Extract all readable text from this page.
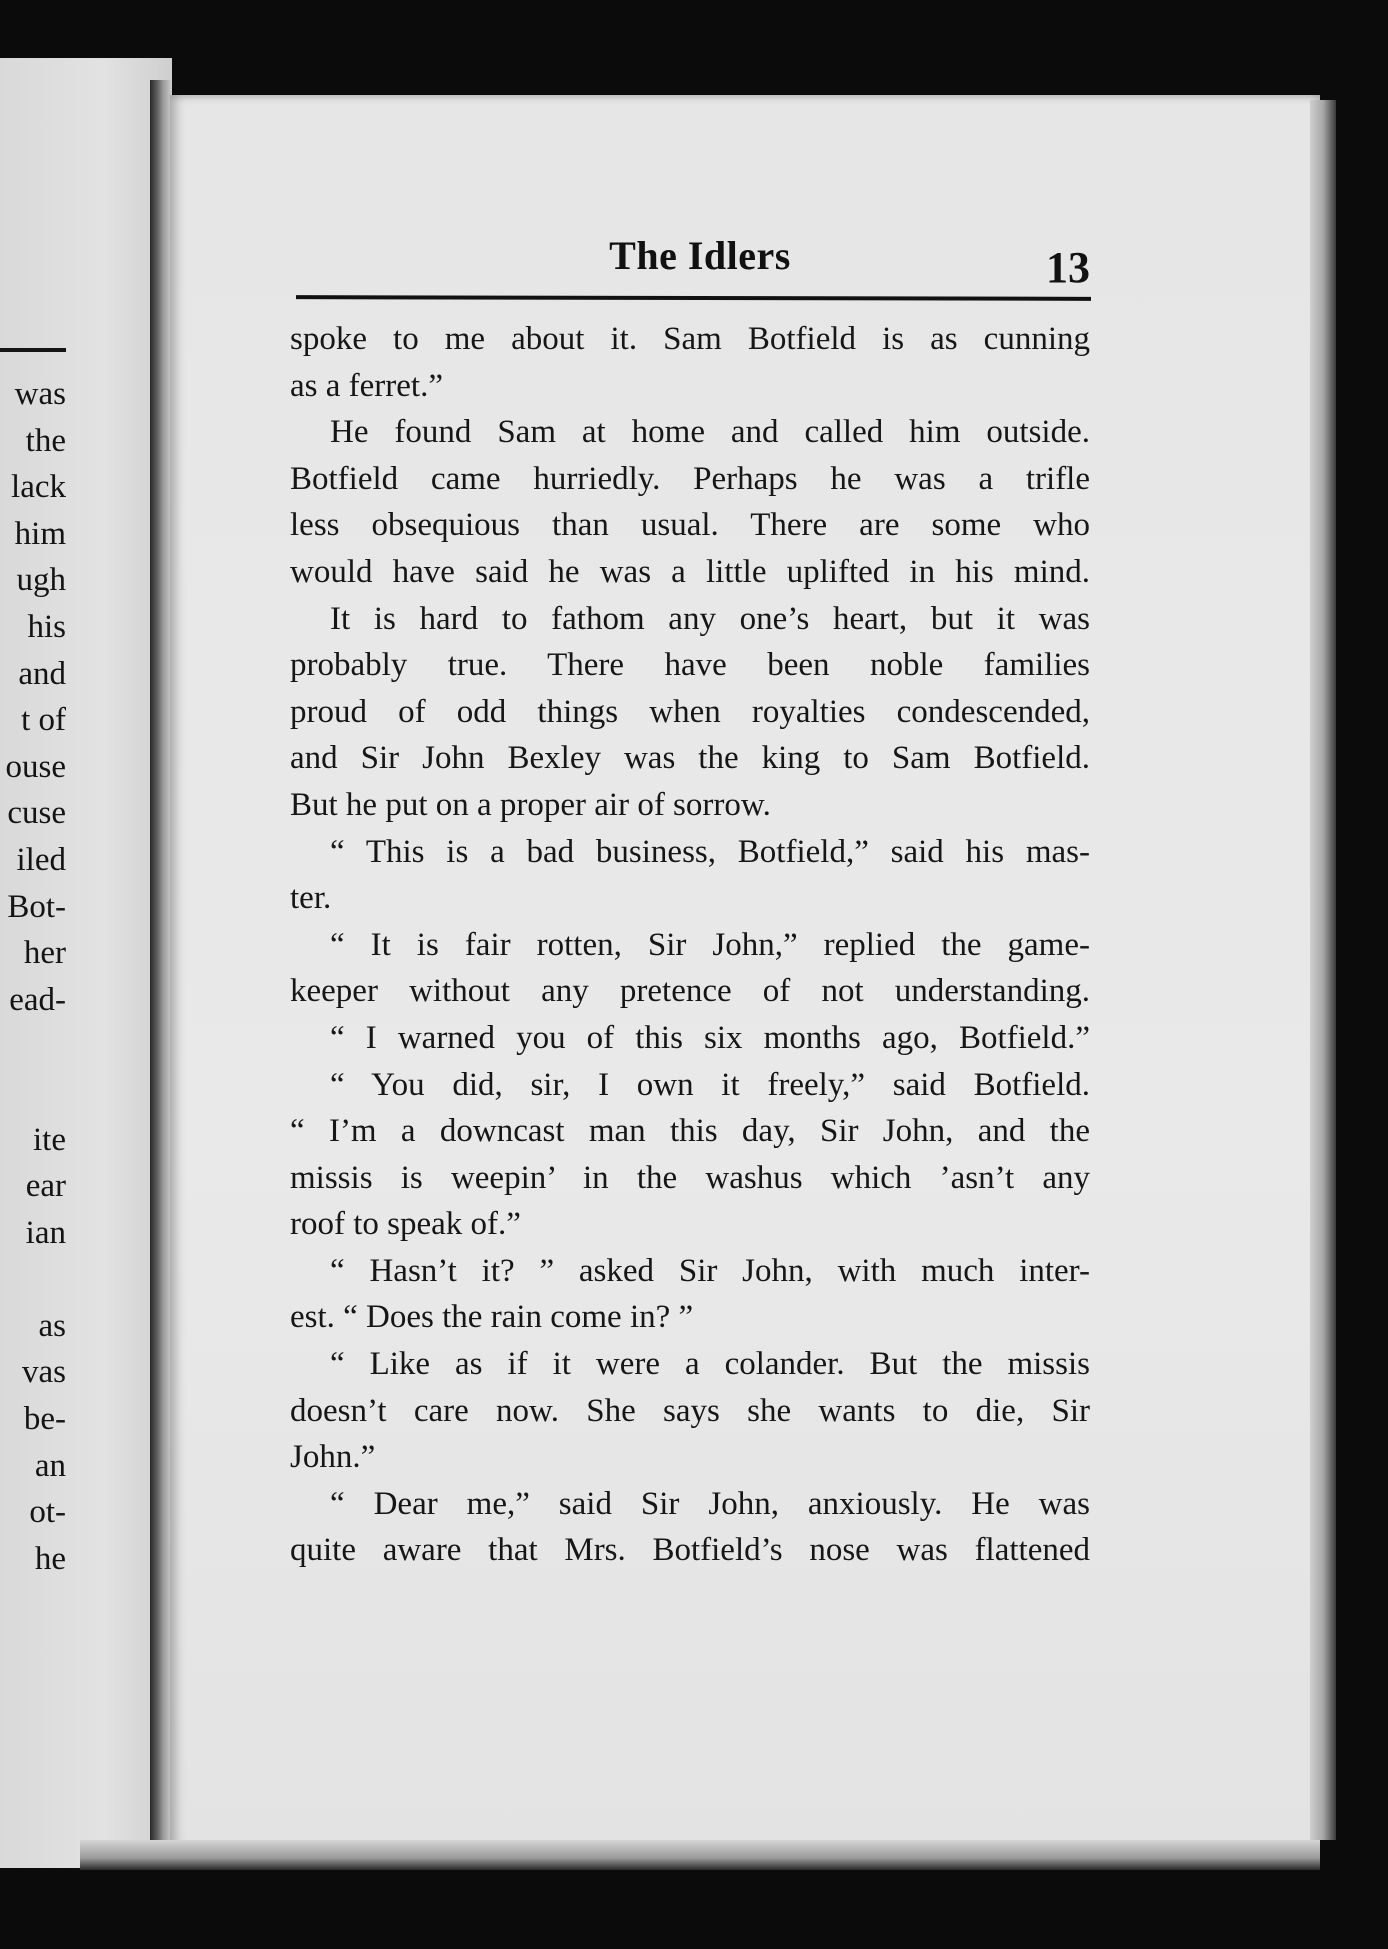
was
the
lack
him
ugh
his
and
t of
ouse
cuse
iled
Bot-
her
ead-
ite
ear
ian
as
vas
be-
an
ot-
he
The Idlers	13
spoke to me about it. Sam Botfield is as cunning
as a ferret.”
He found Sam at home and called him outside.
Botfield came hurriedly. Perhaps he was a trifle
less obsequious than usual. There are some who
would have said he was a little uplifted in his mind.
It is hard to fathom any one’s heart, but it was
probably true. There have been noble families
proud of odd things when royalties condescended,
and Sir John Bexley was the king to Sam Botfield.
But he put on a proper air of sorrow.
“ This is a bad business, Botfield,” said his mas-
ter.
“ It is fair rotten, Sir John,” replied the game-
keeper without any pretence of not understanding.
“ I warned you of this six months ago, Botfield.”
“ You did, sir, I own it freely,” said Botfield.
“ I’m a downcast man this day, Sir John, and the
missis is weepin’ in the washus which ’asn’t any
roof to speak of.”
“ Hasn’t it? ” asked Sir John, with much inter-
est. “ Does the rain come in? ”
“ Like as if it were a colander. But the missis
doesn’t care now. She says she wants to die, Sir
John.”
“ Dear me,” said Sir John, anxiously. He was
quite aware that Mrs. Botfield’s nose was flattened
